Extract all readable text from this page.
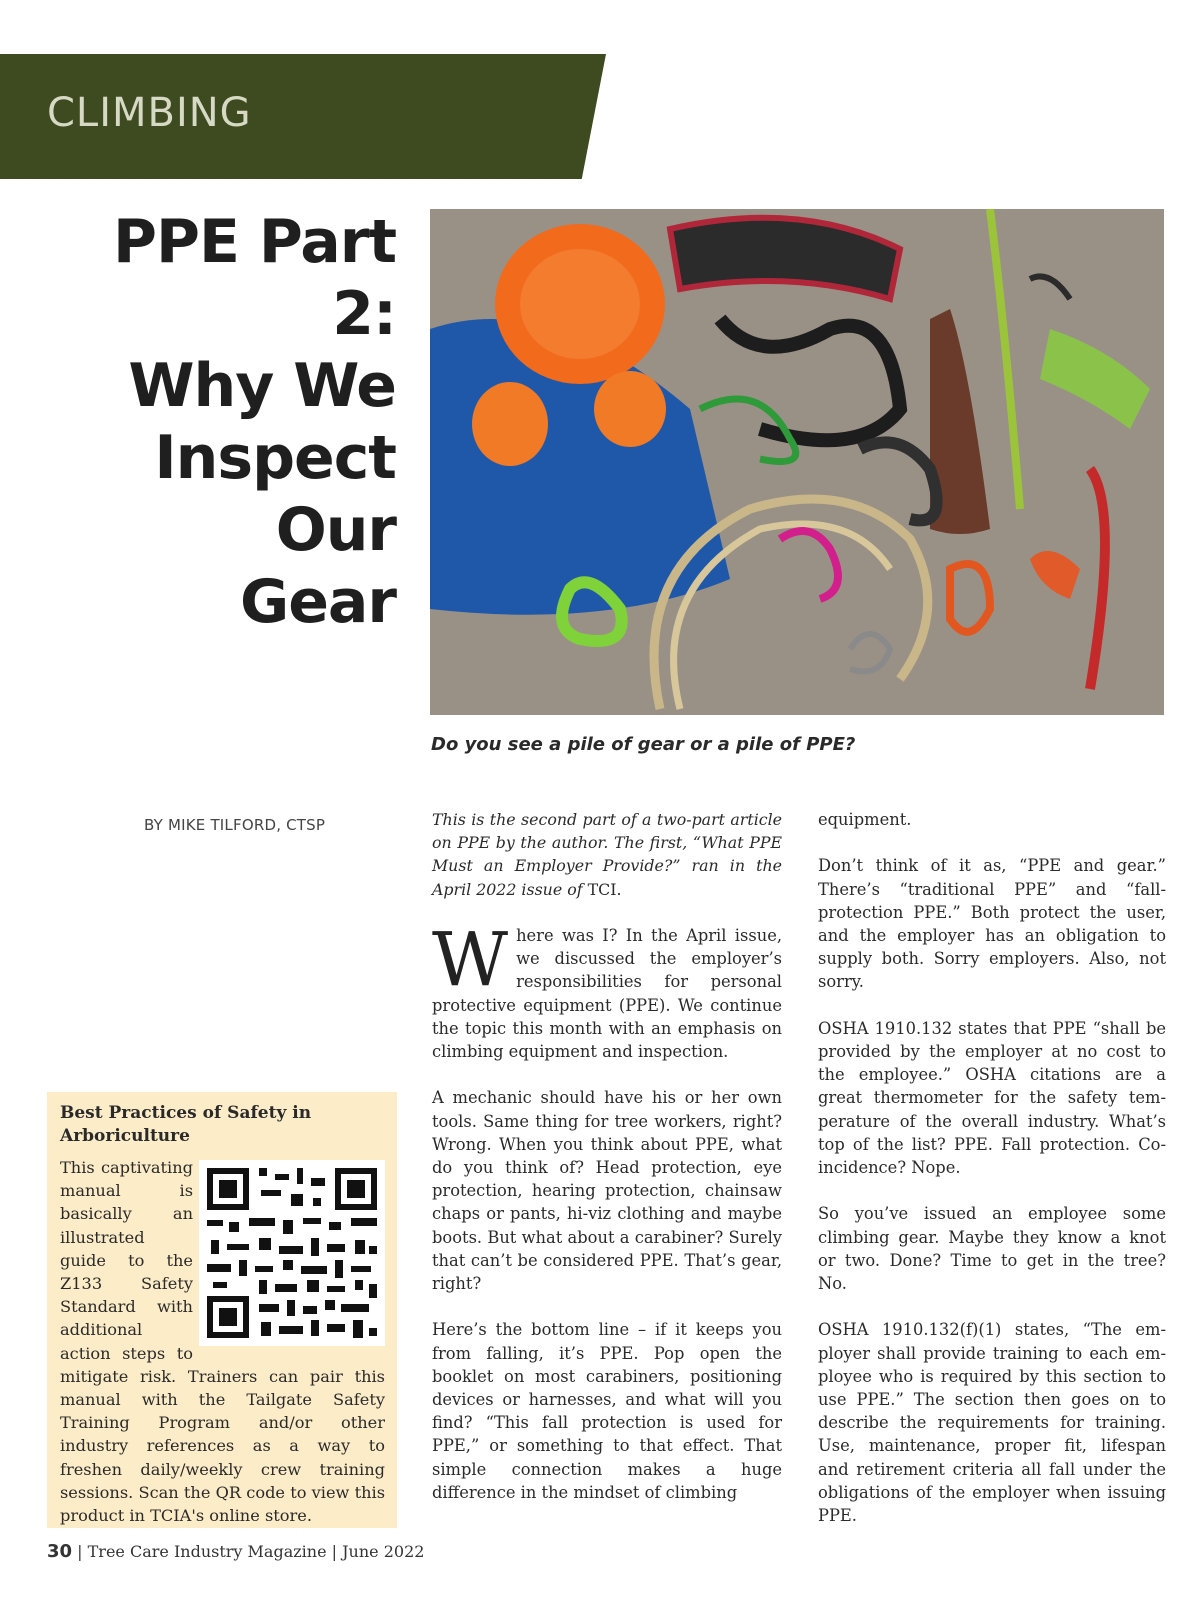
CLIMBING
PPE Part 2:
Why We
Inspect Our
Gear
Do you see a pile of gear or a pile of PPE?
BY MIKE TILFORD, CTSP	This is the second part of a two-part article on PPE by the author. The first, “What PPE Must an Employer Provide?” ran in the April 2022 issue of TCI.

Where was I? In the April issue, we discussed the employer’s responsibilities for personal protective equipment (PPE). We continue the topic this month with an emphasis on climbing equipment and inspection.

A mechanic should have his or her own tools. Same thing for tree workers, right? Wrong. When you think about PPE, what do you think of? Head protection, eye protection, hearing protection, chainsaw chaps or pants, hi-viz clothing and maybe boots. But what about a carabiner? Surely that can’t be considered PPE. That’s gear, right?

Here’s the bottom line – if it keeps you from falling, it’s PPE. Pop open the booklet on most carabiners, positioning devices or harnesses, and what will you find? “This fall protection is used for PPE,” or something to that effect. That simple connection makes a huge difference in the mindset of climbing

equipment.

Don’t think of it as, “PPE and gear.” There’s “traditional PPE” and “fall-protection PPE.” Both protect the user, and the employer has an obligation to supply both. Sorry employers. Also, not sorry.

OSHA 1910.132 states that PPE “shall be provided by the employer at no cost to the employee.” OSHA citations are a great thermometer for the safety temperature of the overall industry. What’s top of the list? PPE. Fall protection. Coincidence? Nope.

So you’ve issued an employee some climbing gear. Maybe they know a knot or two. Done? Time to get in the tree? No.

OSHA 1910.132(f)(1) states, “The employer shall provide training to each employee who is required by this section to use PPE.” The section then goes on to describe the requirements for training. Use, maintenance, proper fit, lifespan and retirement criteria all fall under the obligations of the employer when issuing PPE.

Best Practices of Safety in Arboriculture

This captivating manual is basically an illustrated guide to the Z133 Safety Standard with additional action steps to mitigate risk. Trainers can pair this manual with the Tailgate Safety Training Program and/or other industry references as a way to freshen daily/weekly crew training sessions. Scan the QR code to view this product in TCIA's online store.

30 | Tree Care Industry Magazine | June 2022
